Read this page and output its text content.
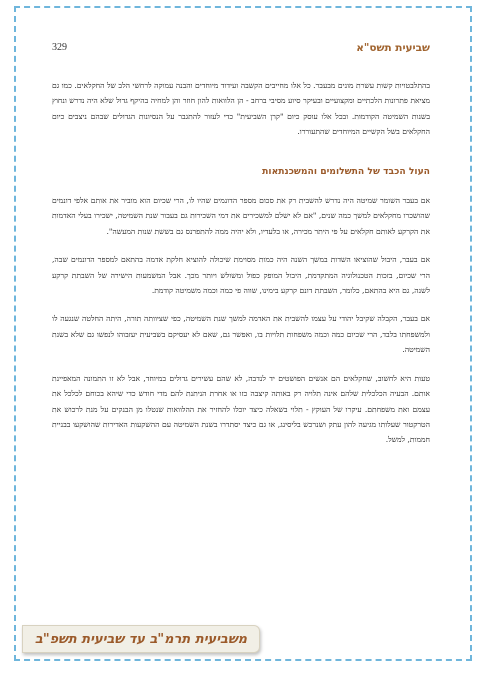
329	שביעית תשס"א

בהתלבטויות קשות עשרת מונים מבעבר. כל אלו מחייבים הקשבה ועידוד מיוחדים והבנה עמוקה לרחשי הלב של החקלאים. כמו גם מציאת פתרונות הלכתיים ומקצועיים ובעיקר סיוע מסיבי ברחב - הן הלוואות להון חוזר והן למחיה בהיקף גדול שלא היה נדרש ונחוץ בשנות השמיטה הקודמות. ובכל אלו עוסק כיום "קרן השביעית" כדי לעזור להתגבר על הנסיונות הגדולים שבהם ניצבים כיום החקלאים בשל הקשיים המיוחדים שהתעוררו.

העול הכבד של התשלומים והמשכנתאות

אם בעבר השומר שמיטה היה נדרש להשבית רק את סכום מספר הדונמים שהיו לו, הרי שכיום הוא מוביר את אותם אלפי דונמים שהושכרו מחקלאים למשך כמה שנים, "אם לא ישלם למשכירים את דמי השכירות גם בעבור שנת השמיטה, ישכירו בעלי האדמות את הקרקע לאותם חקלאים על פי היתר מכירה, או בלעדיו, ולא יהיה ממה להתפרנס גם בששת שנות המעשה".

אם בעבר, היבול שהוציאו השדות במשך השנה היה כמות מסוימת שיכולה להוציא חלקת אדמה בהתאם למספר הדונמים שבה, הרי שכיום, בזכות הטכנולוגיה המתקדמת, היבול המופק כפול ומשולש ויותר מכך. אבל המשמעות הישירה של השבתת קרקע לשנה, גם היא בהתאם, כלומר, השבתת דונם קרקע בימינו, שווה פי כמה וכמה משמיטה קודמת.

אם בעבר, הקבלה שקיבל יהודי על עצמו להשבית את האדמה למשך שנת השמיטה, כפי שציוותה תורה, היתה החלטה שנגעה לו ולמשפחתו בלבד, הרי שכיום כמה וכמה משפחות תלויות בו, ואפשר גם, שאם לא יעסיקם בשביעית יעזבוהו לנפשו גם שלא בשנת השמיטה.

טעות היא לחשוב, שחקלאים הם אנשים הפושטים יד לנדבה, לא שהם עשירים גדולים במיוחד, אבל לא זו התמונה המאפיינת אותם. הבעיה הכלכלית שלהם אינה תלויה רק באותה קיצבה כזו או אחרת הניתנת להם מדי חודש כדי שיהא בכוחם לכלכל את עצמם ואת משפחתם. עיקרו של העוקץ - תלוי בשאלה כיצד יוכלו להחזיר את ההלוואות שנטלו מן הבנקים על מנת לרכוש את הטרקטור שעלותו מגיעה להון עתק ושנרכש בליסינג, או גם כיצד יסתדרו בשנת השמיטה עם ההשקעות האדירות שהושקעו בבניית חממות, למשל.

משביעית תרמ"ב עד שביעית תשפ"ב
